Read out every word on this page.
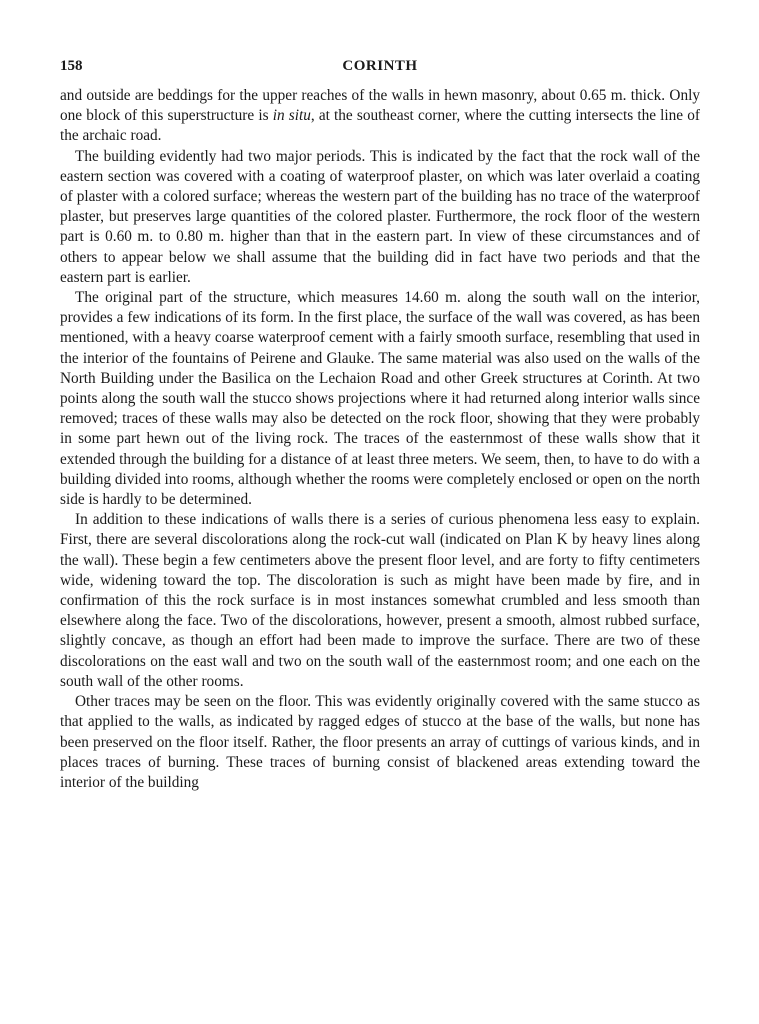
158	CORINTH

and outside are beddings for the upper reaches of the walls in hewn masonry, about 0.65 m. thick. Only one block of this superstructure is in situ, at the southeast corner, where the cutting intersects the line of the archaic road.

The building evidently had two major periods. This is indicated by the fact that the rock wall of the eastern section was covered with a coating of waterproof plaster, on which was later overlaid a coating of plaster with a colored surface; whereas the western part of the building has no trace of the waterproof plaster, but preserves large quantities of the colored plaster. Furthermore, the rock floor of the western part is 0.60 m. to 0.80 m. higher than that in the eastern part. In view of these circumstances and of others to appear below we shall assume that the building did in fact have two periods and that the eastern part is earlier.

The original part of the structure, which measures 14.60 m. along the south wall on the interior, provides a few indications of its form. In the first place, the surface of the wall was covered, as has been mentioned, with a heavy coarse waterproof cement with a fairly smooth surface, resembling that used in the interior of the fountains of Peirene and Glauke. The same material was also used on the walls of the North Building under the Basilica on the Lechaion Road and other Greek structures at Corinth. At two points along the south wall the stucco shows projections where it had returned along interior walls since removed; traces of these walls may also be detected on the rock floor, showing that they were probably in some part hewn out of the living rock. The traces of the easternmost of these walls show that it extended through the building for a distance of at least three meters. We seem, then, to have to do with a building divided into rooms, although whether the rooms were completely enclosed or open on the north side is hardly to be determined.

In addition to these indications of walls there is a series of curious phenomena less easy to explain. First, there are several discolorations along the rock-cut wall (indicated on Plan K by heavy lines along the wall). These begin a few centimeters above the present floor level, and are forty to fifty centimeters wide, widening toward the top. The discoloration is such as might have been made by fire, and in confirmation of this the rock surface is in most instances somewhat crumbled and less smooth than elsewhere along the face. Two of the discolorations, however, present a smooth, almost rubbed surface, slightly concave, as though an effort had been made to improve the surface. There are two of these discolorations on the east wall and two on the south wall of the easternmost room; and one each on the south wall of the other rooms.

Other traces may be seen on the floor. This was evidently originally covered with the same stucco as that applied to the walls, as indicated by ragged edges of stucco at the base of the walls, but none has been preserved on the floor itself. Rather, the floor presents an array of cuttings of various kinds, and in places traces of burning. These traces of burning consist of blackened areas extending toward the interior of the building
